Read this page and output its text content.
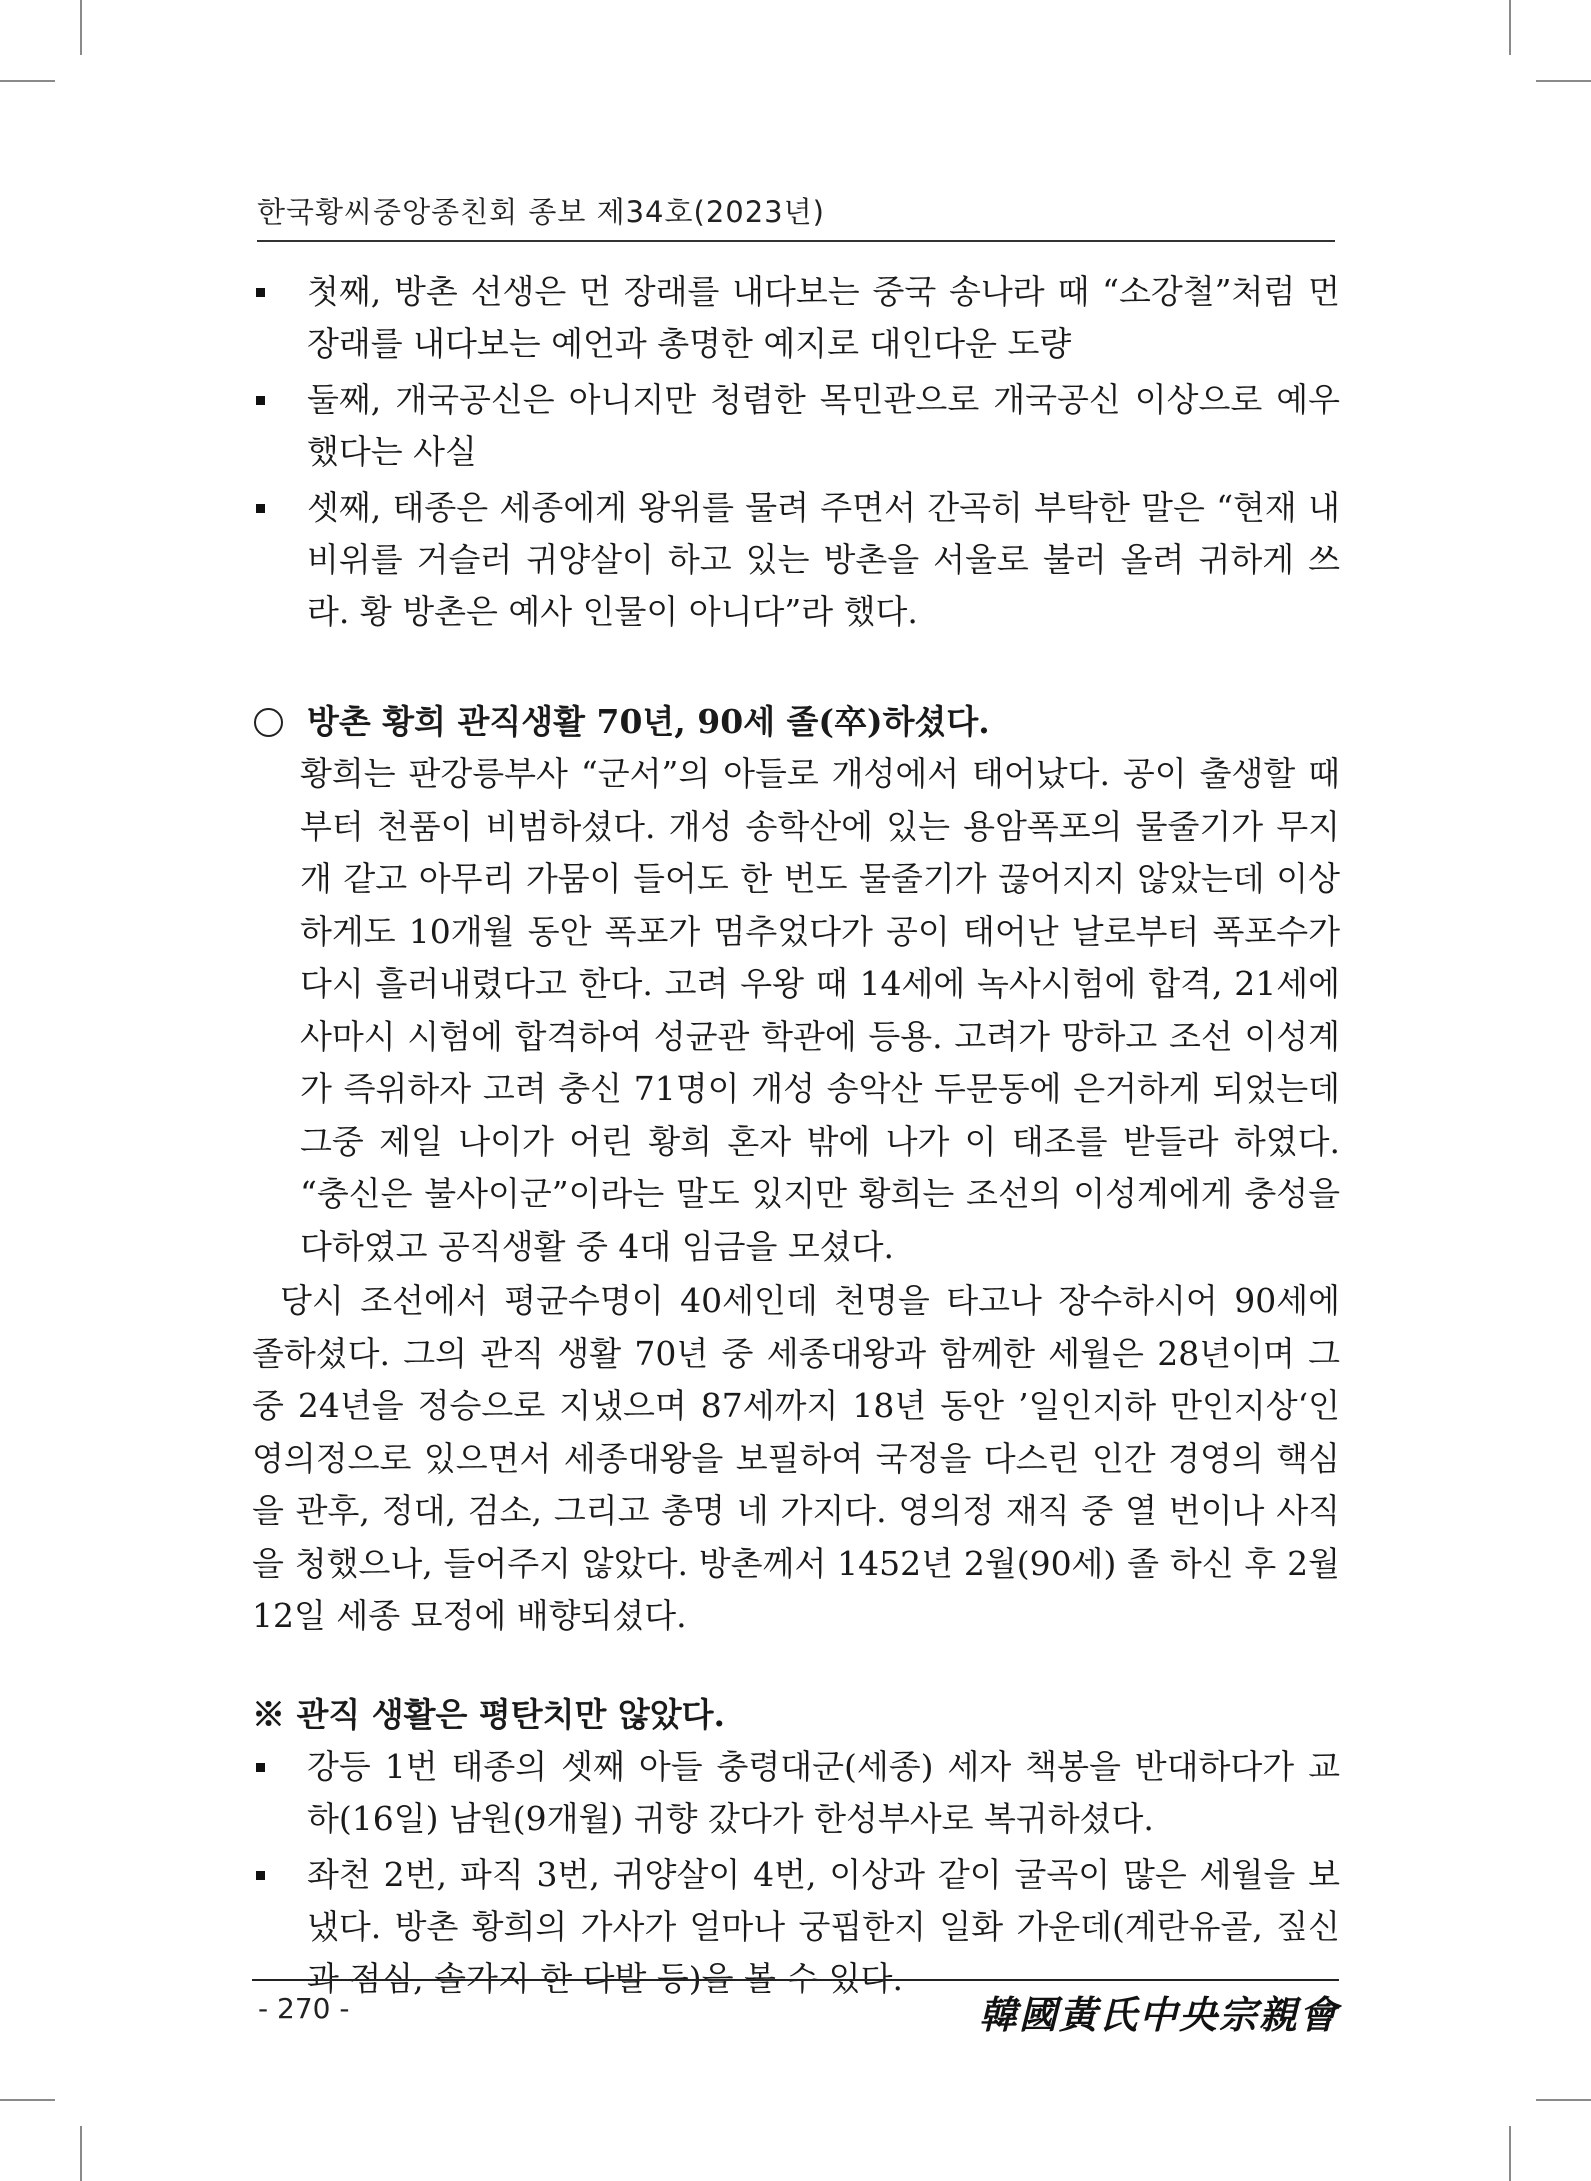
한국황씨중앙종친회 종보 제34호(2023년)
첫째, 방촌 선생은 먼 장래를 내다보는 중국 송나라 때 “소강철”처럼 먼 장래를 내다보는 예언과 총명한 예지로 대인다운 도량
둘째, 개국공신은 아니지만 청렴한 목민관으로 개국공신 이상으로 예우했다는 사실
셋째, 태종은 세종에게 왕위를 물려 주면서 간곡히 부탁한 말은 “현재 내 비위를 거슬러 귀양살이 하고 있는 방촌을 서울로 불러 올려 귀하게 쓰라. 황 방촌은 예사 인물이 아니다”라 했다.
방촌 황희 관직생활 70년, 90세 졸(卒)하셨다.
황희는 판강릉부사 “군서”의 아들로 개성에서 태어났다. 공이 출생할 때부터 천품이 비범하셨다. 개성 송학산에 있는 용암폭포의 물줄기가 무지개 같고 아무리 가뭄이 들어도 한 번도 물줄기가 끊어지지 않았는데 이상하게도 10개월 동안 폭포가 멈추었다가 공이 태어난 날로부터 폭포수가 다시 흘러내렸다고 한다. 고려 우왕 때 14세에 녹사시험에 합격, 21세에 사마시 시험에 합격하여 성균관 학관에 등용. 고려가 망하고 조선 이성계가 즉위하자 고려 충신 71명이 개성 송악산 두문동에 은거하게 되었는데 그중 제일 나이가 어린 황희 혼자 밖에 나가 이 태조를 받들라 하였다. “충신은 불사이군”이라는 말도 있지만 황희는 조선의 이성계에게 충성을 다하였고 공직생활 중 4대 임금을 모셨다.
당시 조선에서 평균수명이 40세인데 천명을 타고나 장수하시어 90세에 졸하셨다. 그의 관직 생활 70년 중 세종대왕과 함께한 세월은 28년이며 그중 24년을 정승으로 지냈으며 87세까지 18년 동안 ’일인지하 만인지상‘인 영의정으로 있으면서 세종대왕을 보필하여 국정을 다스린 인간 경영의 핵심을 관후, 정대, 검소, 그리고 총명 네 가지다. 영의정 재직 중 열 번이나 사직을 청했으나, 들어주지 않았다. 방촌께서 1452년 2월(90세) 졸 하신 후 2월 12일 세종 묘정에 배향되셨다.
※ 관직 생활은 평탄치만 않았다.
강등 1번 태종의 셋째 아들 충령대군(세종) 세자 책봉을 반대하다가 교하(16일) 남원(9개월) 귀향 갔다가 한성부사로 복귀하셨다.
좌천 2번, 파직 3번, 귀양살이 4번, 이상과 같이 굴곡이 많은 세월을 보냈다. 방촌 황희의 가사가 얼마나 궁핍한지 일화 가운데(계란유골, 짚신과 점심, 솔가지 한 다발 등)을 볼 수 있다.
- 270 -	韓國黃氏中央宗親會
